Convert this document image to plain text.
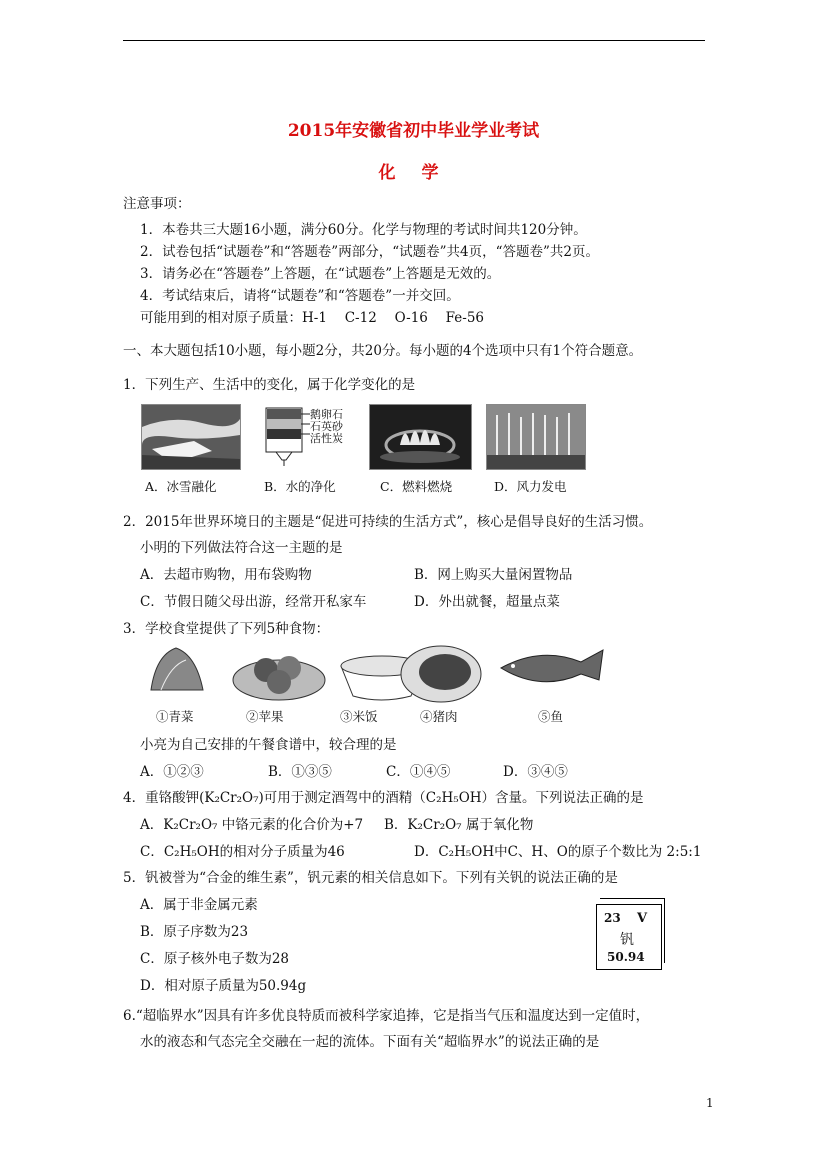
2015年安徽省初中毕业学业考试
化 学
注意事项：
1．本卷共三大题16小题，满分60分。化学与物理的考试时间共120分钟。
2．试卷包括“试题卷”和“答题卷”两部分，“试题卷”共4页，“答题卷”共2页。
3．请务必在“答题卷”上答题，在“试题卷”上答题是无效的。
4．考试结束后，请将“试题卷”和“答题卷”一并交回。
可能用到的相对原子质量：H-1　 C-12　 O-16　 Fe-56
一、本大题包括10小题，每小题2分，共20分。每小题的4个选项中只有1个符合题意。
1．下列生产、生活中的变化，属于化学变化的是
鹅卵石
石英砂
活性炭
A．冰雪融化	B．水的净化	C．燃料燃烧	D．风力发电
2．2015年世界环境日的主题是“促进可持续的生活方式”，核心是倡导良好的生活习惯。
小明的下列做法符合这一主题的是
A．去超市购物，用布袋购物	B．网上购买大量闲置物品
C．节假日随父母出游，经常开私家车	D．外出就餐，超量点菜
3．学校食堂提供了下列5种食物：
①青菜	②苹果	③米饭	④猪肉	⑤鱼
小亮为自己安排的午餐食谱中，较合理的是
A．①②③	B．①③⑤	C．①④⑤	D．③④⑤
4．重铬酸钾(K₂Cr₂O₇)可用于测定酒驾中的酒精（C₂H₅OH）含量。下列说法正确的是
A．K₂Cr₂O₇ 中铬元素的化合价为+7 B．K₂Cr₂O₇ 属于氧化物
C．C₂H₅OH的相对分子质量为46	D．C₂H₅OH中C、H、O的原子个数比为 2:5:1
5．钒被誉为“合金的维生素”，钒元素的相关信息如下。下列有关钒的说法正确的是
A．属于非金属元素
B．原子序数为23
C．原子核外电子数为28
D．相对原子质量为50.94g
23 V
钒
50.94
6.“超临界水”因具有许多优良特质而被科学家追捧，它是指当气压和温度达到一定值时，
水的液态和气态完全交融在一起的流体。下面有关“超临界水”的说法正确的是
1
